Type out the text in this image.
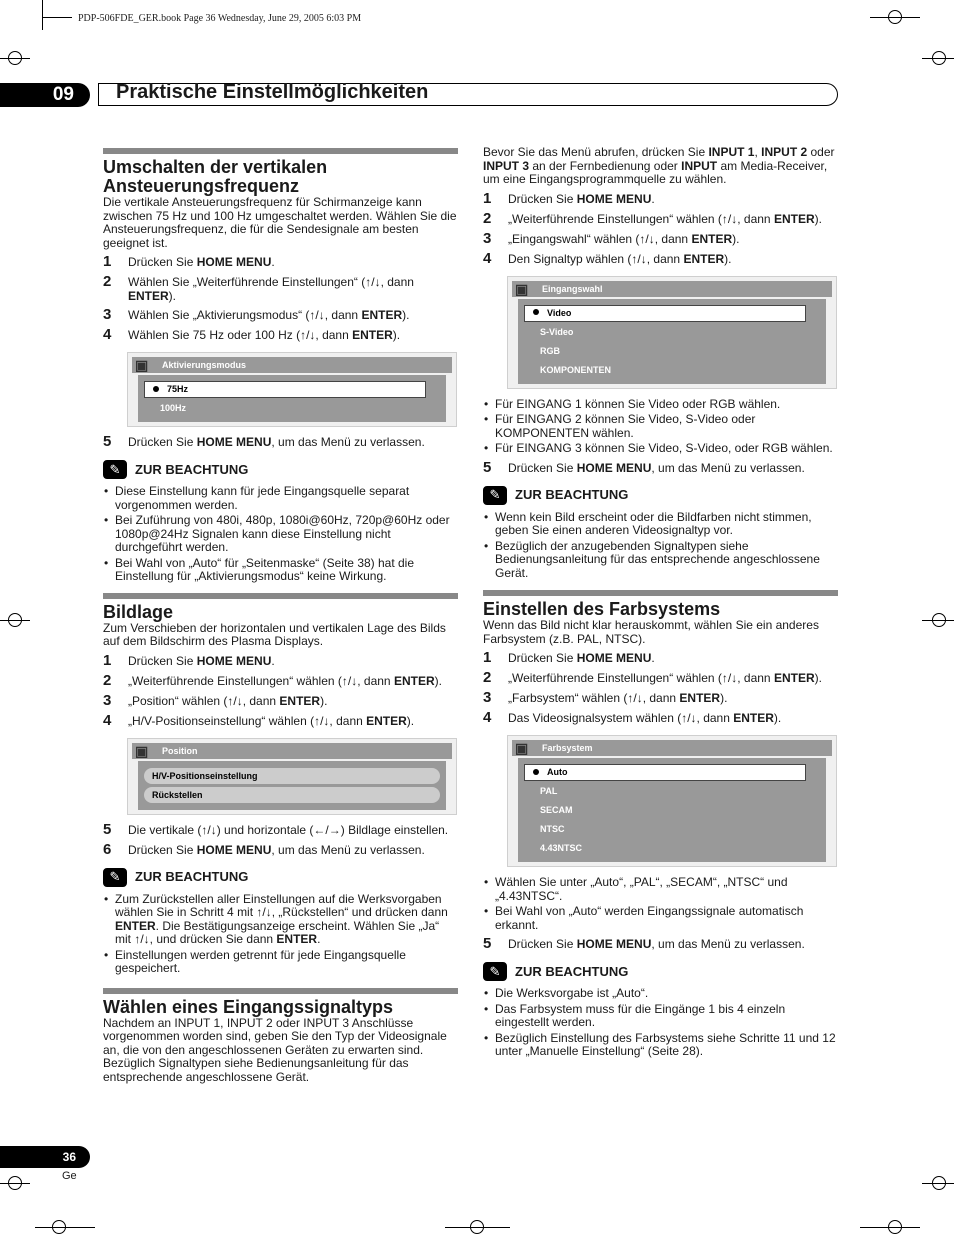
PDP-506FDE_GER.book Page 36 Wednesday, June 29, 2005 6:03 PM
09	Praktische Einstellmöglichkeiten
Umschalten der vertikalen Ansteuerungsfrequenz

Die vertikale Ansteuerungsfrequenz für Schirmanzeige kann zwischen 75 Hz und 100 Hz umgeschaltet werden. Wählen Sie die Ansteuerungsfrequenz, die für die Sendesignale am besten geeignet ist.

1 Drücken Sie HOME MENU.
2 Wählen Sie „Weiterführende Einstellungen“ (↑/↓, dann ENTER).
3 Wählen Sie „Aktivierungsmodus“ (↑/↓, dann ENTER).
4 Wählen Sie 75 Hz oder 100 Hz (↑/↓, dann ENTER).
▣	Aktivierungsmodus
75Hz
100Hz
5 Drücken Sie HOME MENU, um das Menü zu verlassen.
✎	ZUR BEACHTUNG
• Diese Einstellung kann für jede Eingangsquelle separat vorgenommen werden.
• Bei Zuführung von 480i, 480p, 1080i@60Hz, 720p@60Hz oder 1080p@24Hz Signalen kann diese Einstellung nicht durchgeführt werden.
• Bei Wahl von „Auto“ für „Seitenmaske“ (Seite 38) hat die Einstellung für „Aktivierungsmodus“ keine Wirkung.
Bildlage

Zum Verschieben der horizontalen und vertikalen Lage des Bilds auf dem Bildschirm des Plasma Displays.

1 Drücken Sie HOME MENU.
2 „Weiterführende Einstellungen“ wählen (↑/↓, dann ENTER).
3 „Position“ wählen (↑/↓, dann ENTER).
4 „H/V-Positionseinstellung“ wählen (↑/↓, dann ENTER).
▣	Position
H/V-Positionseinstellung
Rückstellen
5 Die vertikale (↑/↓) und horizontale (←/→) Bildlage einstellen.
6 Drücken Sie HOME MENU, um das Menü zu verlassen.
✎	ZUR BEACHTUNG
• Zum Zurückstellen aller Einstellungen auf die Werksvorgaben wählen Sie in Schritt 4 mit ↑/↓, „Rückstellen“ und drücken dann ENTER. Die Bestätigungsanzeige erscheint. Wählen Sie „Ja“ mit ↑/↓, und drücken Sie dann ENTER.
• Einstellungen werden getrennt für jede Eingangsquelle gespeichert.
Wählen eines Eingangssignaltyps

Nachdem an INPUT 1, INPUT 2 oder INPUT 3 Anschlüsse vorgenommen worden sind, geben Sie den Typ der Videosignale an, die von den angeschlossenen Geräten zu erwarten sind. Bezüglich Signaltypen siehe Bedienungsanleitung für das entsprechende angeschlossene Gerät.

Bevor Sie das Menü abrufen, drücken Sie INPUT 1, INPUT 2 oder INPUT 3 an der Fernbedienung oder INPUT am Media-Receiver, um eine Eingangsprogrammquelle zu wählen.

1 Drücken Sie HOME MENU.
2 „Weiterführende Einstellungen“ wählen (↑/↓, dann ENTER).
3 „Eingangswahl“ wählen (↑/↓, dann ENTER).
4 Den Signaltyp wählen (↑/↓, dann ENTER).
▣	Eingangswahl
Video
S-Video
RGB
KOMPONENTEN
• Für EINGANG 1 können Sie Video oder RGB wählen.
• Für EINGANG 2 können Sie Video, S-Video oder KOMPONENTEN wählen.
• Für EINGANG 3 können Sie Video, S-Video, oder RGB wählen.
5 Drücken Sie HOME MENU, um das Menü zu verlassen.
✎	ZUR BEACHTUNG
• Wenn kein Bild erscheint oder die Bildfarben nicht stimmen, geben Sie einen anderen Videosignaltyp vor.
• Bezüglich der anzugebenden Signaltypen siehe Bedienungsanleitung für das entsprechende angeschlossene Gerät.
Einstellen des Farbsystems

Wenn das Bild nicht klar herauskommt, wählen Sie ein anderes Farbsystem (z.B. PAL, NTSC).

1 Drücken Sie HOME MENU.
2 „Weiterführende Einstellungen“ wählen (↑/↓, dann ENTER).
3 „Farbsystem“ wählen (↑/↓, dann ENTER).
4 Das Videosignalsystem wählen (↑/↓, dann ENTER).
▣	Farbsystem
Auto
PAL
SECAM
NTSC
4.43NTSC
• Wählen Sie unter „Auto“, „PAL“, „SECAM“, „NTSC“ und „4.43NTSC“.
• Bei Wahl von „Auto“ werden Eingangssignale automatisch erkannt.
5 Drücken Sie HOME MENU, um das Menü zu verlassen.
✎	ZUR BEACHTUNG
• Die Werksvorgabe ist „Auto“.
• Das Farbsystem muss für die Eingänge 1 bis 4 einzeln eingestellt werden.
• Bezüglich Einstellung des Farbsystems siehe Schritte 11 und 12 unter „Manuelle Einstellung“ (Seite 28).
36
Ge
